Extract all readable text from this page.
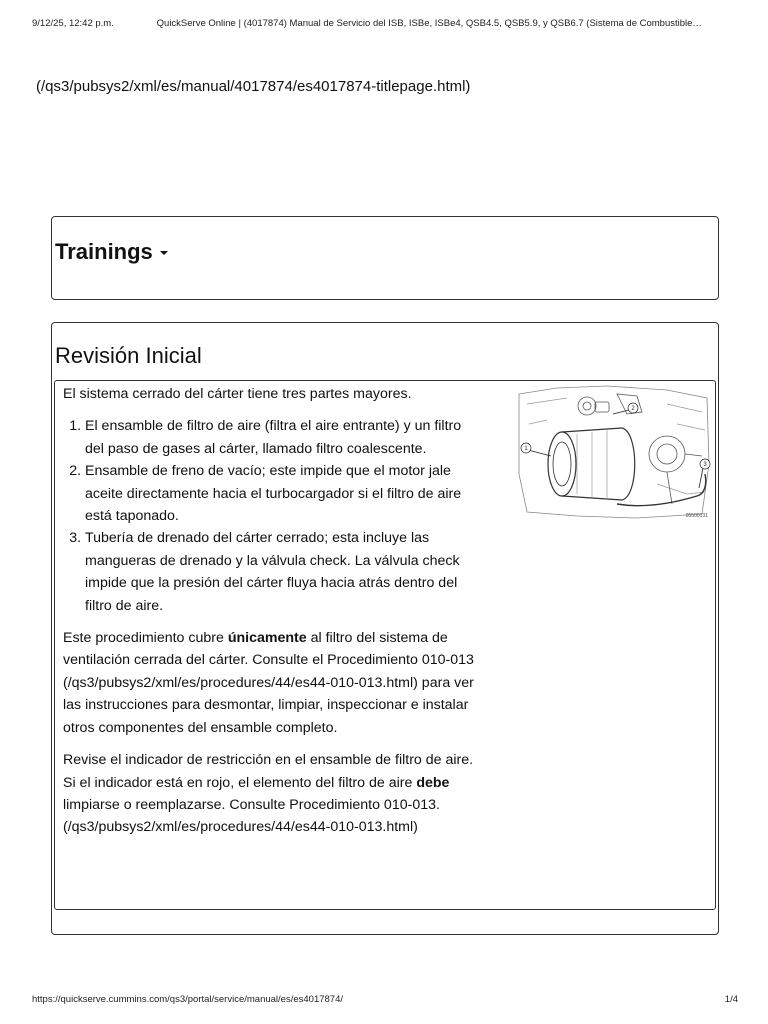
9/12/25, 12:42 p.m.	QuickServe Online | (4017874) Manual de Servicio del ISB, ISBe, ISBe4, QSB4.5, QSB5.9, y QSB6.7 (Sistema de Combustible…
(/qs3/pubsys2/xml/es/manual/4017874/es4017874-titlepage.html)
Trainings
Revisión Inicial

El sistema cerrado del cárter tiene tres partes mayores.

1. El ensamble de filtro de aire (filtra el aire entrante) y un filtro del paso de gases al cárter, llamado filtro coalescente.
2. Ensamble de freno de vacío; este impide que el motor jale aceite directamente hacia el turbocargador si el filtro de aire está taponado.
3. Tubería de drenado del cárter cerrado; esta incluye las mangueras de drenado y la válvula check. La válvula check impide que la presión del cárter fluya hacia atrás dentro del filtro de aire.

Este procedimiento cubre únicamente al filtro del sistema de ventilación cerrada del cárter. Consulte el Procedimiento 010-013 (/qs3/pubsys2/xml/es/procedures/44/es44-010-013.html) para ver las instrucciones para desmontar, limpiar, inspeccionar e instalar otros componentes del ensamble completo.

Revise el indicador de restricción en el ensamble de filtro de aire. Si el indicador está en rojo, el elemento del filtro de aire debe limpiarse o reemplazarse. Consulte Procedimiento 010-013. (/qs3/pubsys2/xml/es/procedures/44/es44-010-013.html)

1
2
3
05500131
https://quickserve.cummins.com/qs3/portal/service/manual/es/es4017874/	1/4
